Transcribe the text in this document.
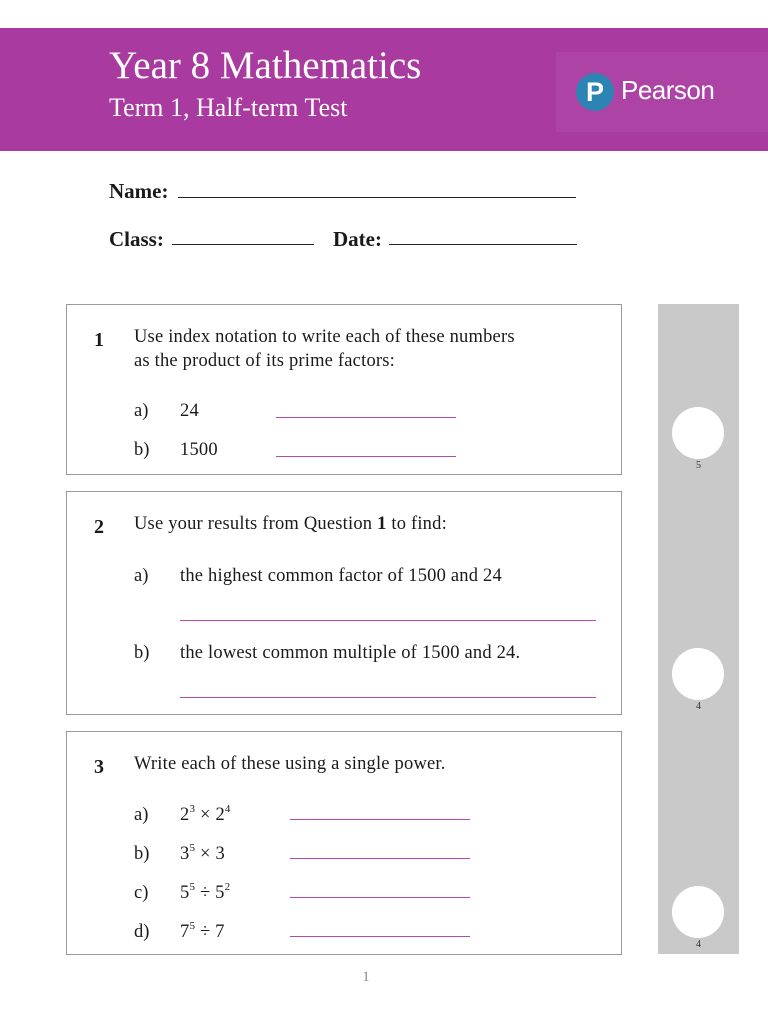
Year 8 Mathematics
Term 1, Half-term Test
P Pearson
Name:
Class:	Date:
1 Use index notation to write each of these numbers
as the product of its prime factors:
a) 24
b) 1500
2 Use your results from Question 1 to find:
a) the highest common factor of 1500 and 24
b) the lowest common multiple of 1500 and 24.
3 Write each of these using a single power.
a) $2^3 \times 2^4$
b) $3^5 \times 3$
c) $5^5 \div 5^2$
d) $7^5 \div 7$
5
4
4
1
